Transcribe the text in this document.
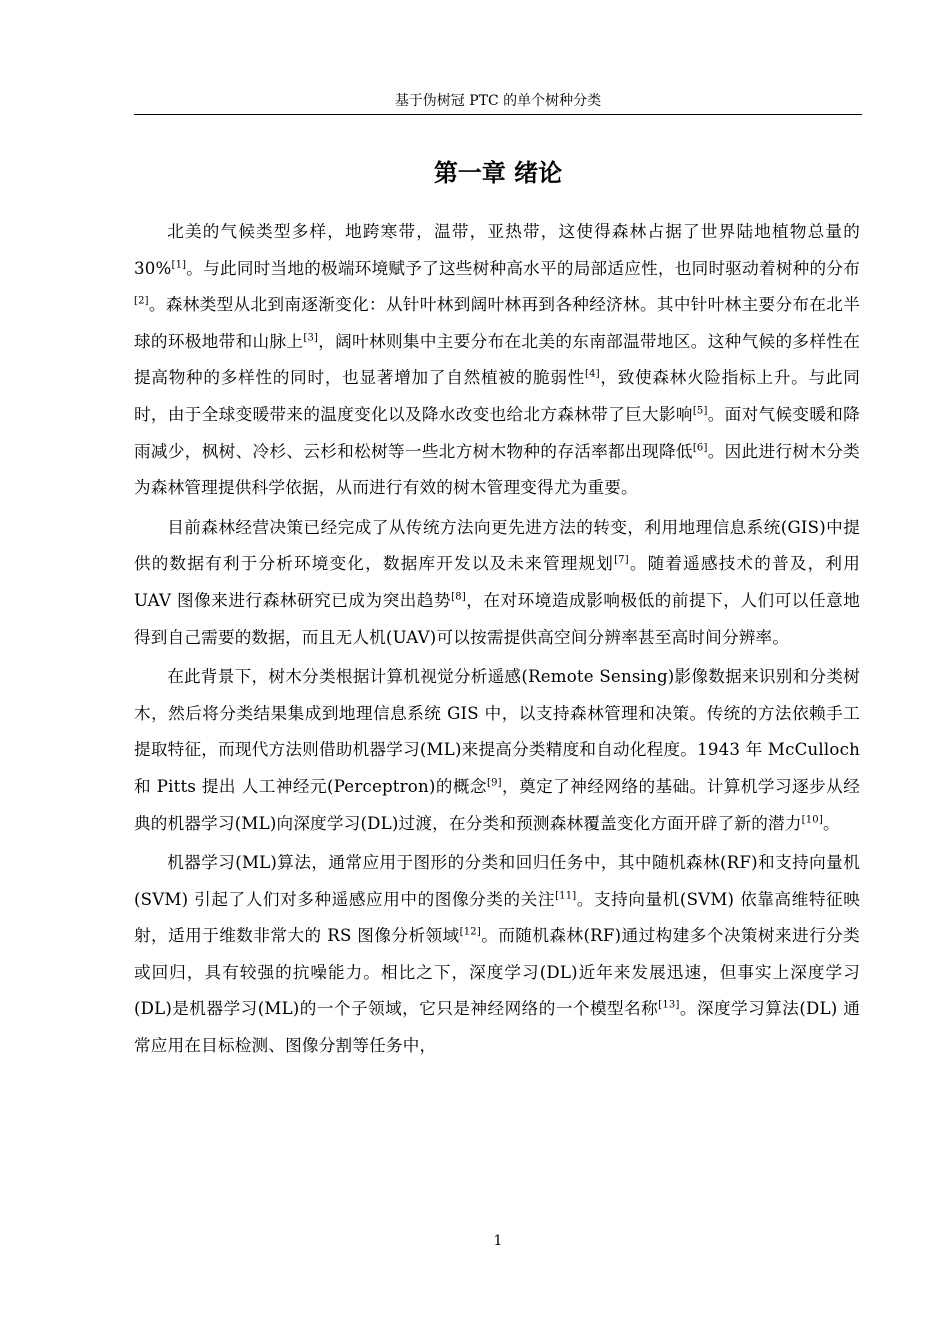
基于伪树冠 PTC 的单个树种分类
第一章 绪论

北美的气候类型多样，地跨寒带，温带，亚热带，这使得森林占据了世界陆地植物总量的 30%[1]。与此同时当地的极端环境赋予了这些树种高水平的局部适应性，也同时驱动着树种的分布[2]。森林类型从北到南逐渐变化：从针叶林到阔叶林再到各种经济林。其中针叶林主要分布在北半球的环极地带和山脉上[3]，阔叶林则集中主要分布在北美的东南部温带地区。这种气候的多样性在提高物种的多样性的同时，也显著增加了自然植被的脆弱性[4]，致使森林火险指标上升。与此同时，由于全球变暖带来的温度变化以及降水改变也给北方森林带了巨大影响[5]。面对气候变暖和降雨减少，枫树、冷杉、云杉和松树等一些北方树木物种的存活率都出现降低[6]。因此进行树木分类为森林管理提供科学依据，从而进行有效的树木管理变得尤为重要。

目前森林经营决策已经完成了从传统方法向更先进方法的转变，利用地理信息系统(GIS)中提供的数据有利于分析环境变化，数据库开发以及未来管理规划[7]。随着遥感技术的普及，利用 UAV 图像来进行森林研究已成为突出趋势[8]，在对环境造成影响极低的前提下，人们可以任意地得到自己需要的数据，而且无人机(UAV)可以按需提供高空间分辨率甚至高时间分辨率。

在此背景下，树木分类根据计算机视觉分析遥感(Remote Sensing)影像数据来识别和分类树木，然后将分类结果集成到地理信息系统 GIS 中，以支持森林管理和决策。传统的方法依赖手工提取特征，而现代方法则借助机器学习(ML)来提高分类精度和自动化程度。1943 年 McCulloch 和 Pitts 提出 人工神经元(Perceptron)的概念[9]，奠定了神经网络的基础。计算机学习逐步从经典的机器学习(ML)向深度学习(DL)过渡，在分类和预测森林覆盖变化方面开辟了新的潜力[10]。

机器学习(ML)算法，通常应用于图形的分类和回归任务中，其中随机森林(RF)和支持向量机(SVM) 引起了人们对多种遥感应用中的图像分类的关注[11]。支持向量机(SVM) 依靠高维特征映射，适用于维数非常大的 RS 图像分析领域[12]。而随机森林(RF)通过构建多个决策树来进行分类或回归，具有较强的抗噪能力。相比之下，深度学习(DL)近年来发展迅速，但事实上深度学习(DL)是机器学习(ML)的一个子领域，它只是神经网络的一个模型名称[13]。深度学习算法(DL) 通常应用在目标检测、图像分割等任务中，

1
